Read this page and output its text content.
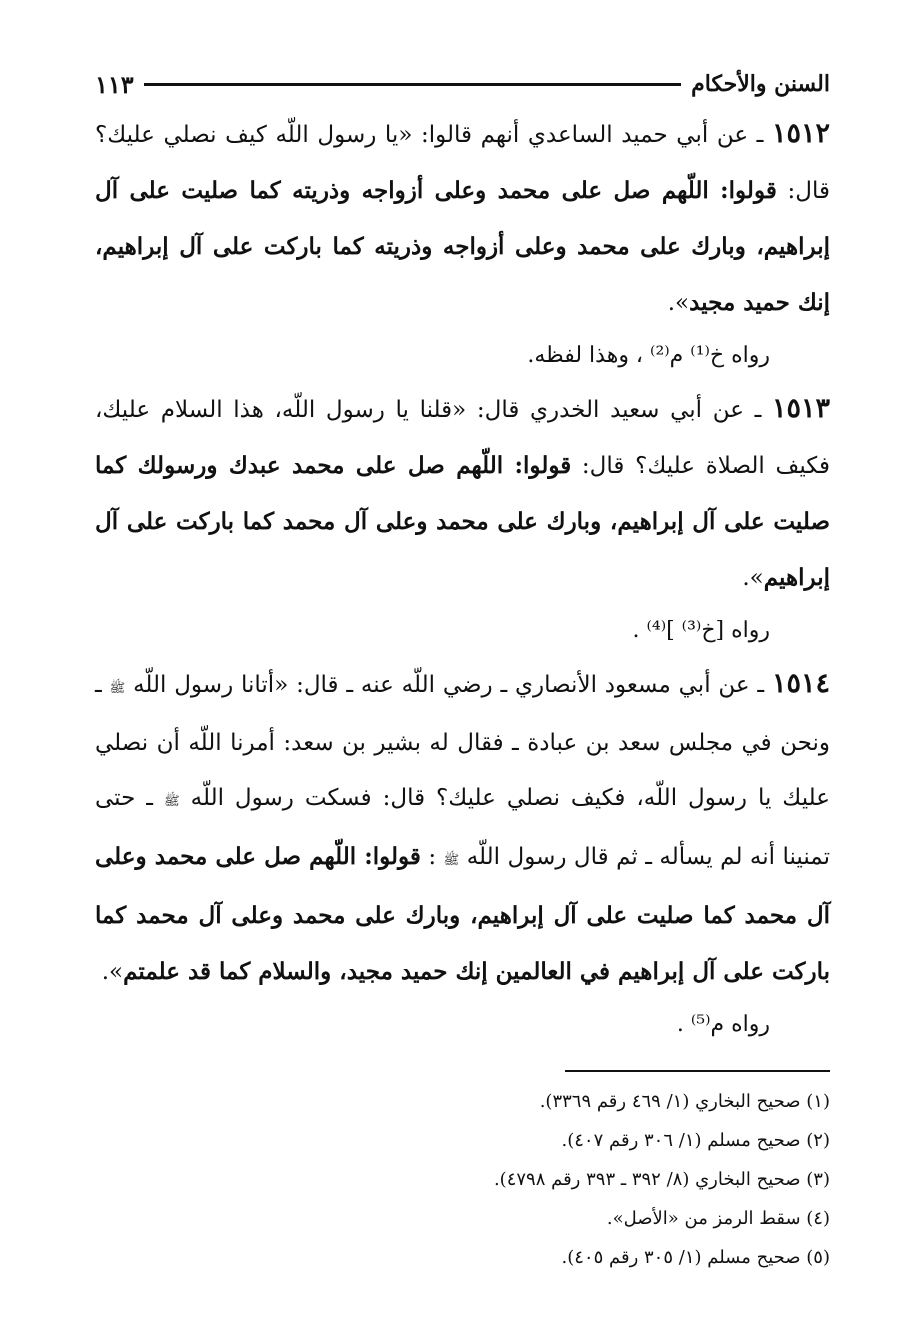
السنن والأحكام
١١٣

١٥١٢ ـ عن أبي حميد الساعدي أنهم قالوا: «يا رسول اللّه كيف نصلي عليك؟ قال: قولوا: اللّهم صل على محمد وعلى أزواجه وذريته كما صليت على آل إبراهيم، وبارك على محمد وعلى أزواجه وذريته كما باركت على آل إبراهيم، إنك حميد مجيد».

رواه خ⁽¹⁾ م⁽²⁾ ، وهذا لفظه.

١٥١٣ ـ عن أبي سعيد الخدري قال: «قلنا يا رسول اللّه، هذا السلام عليك، فكيف الصلاة عليك؟ قال: قولوا: اللّهم صل على محمد عبدك ورسولك كما صليت على آل إبراهيم، وبارك على محمد وعلى آل محمد كما باركت على آل إبراهيم».

رواه [خ⁽³⁾ ]⁽⁴⁾ .

١٥١٤ ـ عن أبي مسعود الأنصاري ـ رضي اللّه عنه ـ قال: «أتانا رسول اللّه ﷺ ـ ونحن في مجلس سعد بن عبادة ـ فقال له بشير بن سعد: أمرنا اللّه أن نصلي عليك يا رسول اللّه، فكيف نصلي عليك؟ قال: فسكت رسول اللّه ﷺ ـ حتى تمنينا أنه لم يسأله ـ ثم قال رسول اللّه ﷺ : قولوا: اللّهم صل على محمد وعلى آل محمد كما صليت على آل إبراهيم، وبارك على محمد وعلى آل محمد كما باركت على آل إبراهيم في العالمين إنك حميد مجيد، والسلام كما قد علمتم».

رواه م⁽⁵⁾ .

(١) صحيح البخاري (١/ ٤٦٩ رقم ٣٣٦٩).
(٢) صحيح مسلم (١/ ٣٠٦ رقم ٤٠٧).
(٣) صحيح البخاري (٨/ ٣٩٢ ـ ٣٩٣ رقم ٤٧٩٨).
(٤) سقط الرمز من «الأصل».
(٥) صحيح مسلم (١/ ٣٠٥ رقم ٤٠٥).
